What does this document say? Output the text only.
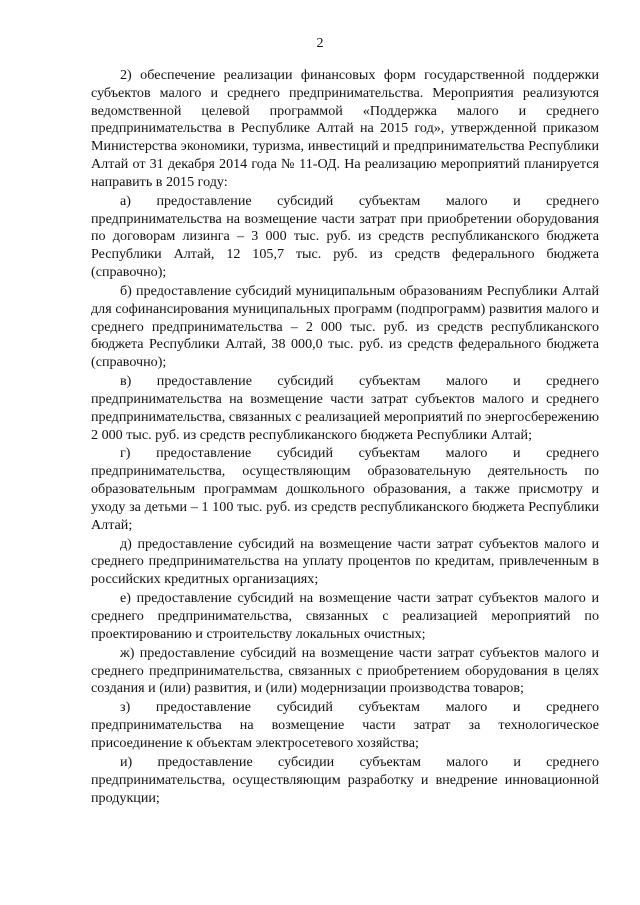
2

2) обеспечение реализации финансовых форм государственной поддержки субъектов малого и среднего предпринимательства. Мероприятия реализуются ведомственной целевой программой «Поддержка малого и среднего предпринимательства в Республике Алтай на 2015 год», утвержденной приказом Министерства экономики, туризма, инвестиций и предпринимательства Республики Алтай от 31 декабря 2014 года № 11-ОД. На реализацию мероприятий планируется направить в 2015 году:

а) предоставление субсидий субъектам малого и среднего предпринимательства на возмещение части затрат при приобретении оборудования по договорам лизинга – 3 000 тыс. руб. из средств республиканского бюджета Республики Алтай, 12 105,7 тыс. руб. из средств федерального бюджета (справочно);

б) предоставление субсидий муниципальным образованиям Республики Алтай для софинансирования муниципальных программ (подпрограмм) развития малого и среднего предпринимательства – 2 000 тыс. руб. из средств республиканского бюджета Республики Алтай, 38 000,0 тыс. руб. из средств федерального бюджета (справочно);

в) предоставление субсидий субъектам малого и среднего предпринимательства на возмещение части затрат субъектов малого и среднего предпринимательства, связанных с реализацией мероприятий по энергосбережению 2 000 тыс. руб. из средств республиканского бюджета Республики Алтай;

г) предоставление субсидий субъектам малого и среднего предпринимательства, осуществляющим образовательную деятельность по образовательным программам дошкольного образования, а также присмотру и уходу за детьми – 1 100 тыс. руб. из средств республиканского бюджета Республики Алтай;

д) предоставление субсидий на возмещение части затрат субъектов малого и среднего предпринимательства на уплату процентов по кредитам, привлеченным в российских кредитных организациях;

е) предоставление субсидий на возмещение части затрат субъектов малого и среднего предпринимательства, связанных с реализацией мероприятий по проектированию и строительству локальных очистных;

ж) предоставление субсидий на возмещение части затрат субъектов малого и среднего предпринимательства, связанных с приобретением оборудования в целях создания и (или) развития, и (или) модернизации производства товаров;

з) предоставление субсидий субъектам малого и среднего предпринимательства на возмещение части затрат за технологическое присоединение к объектам электросетевого хозяйства;

и) предоставление субсидии субъектам малого и среднего предпринимательства, осуществляющим разработку и внедрение инновационной продукции;
